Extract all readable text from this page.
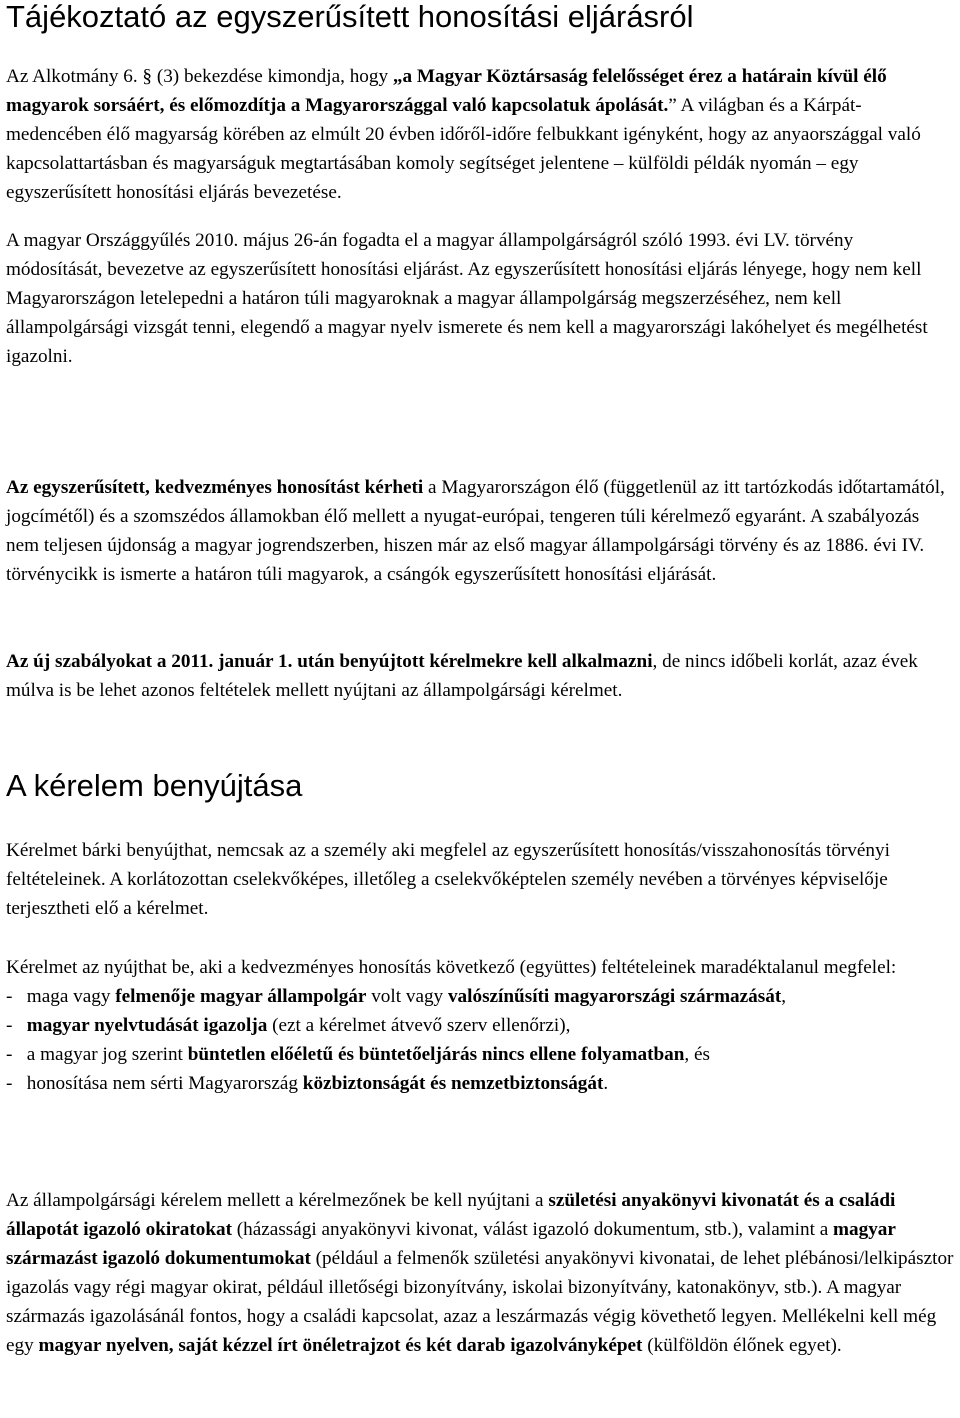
Tájékoztató az egyszerűsített honosítási eljárásról

Az Alkotmány 6. § (3) bekezdése kimondja, hogy „a Magyar Köztársaság felelősséget érez a határain kívül élő magyarok sorsáért, és előmozdítja a Magyarországgal való kapcsolatuk ápolását.” A világban és a Kárpát-medencében élő magyarság körében az elmúlt 20 évben időről-időre felbukkant igényként, hogy az anyaországgal való kapcsolattartásban és magyarságuk megtartásában komoly segítséget jelentene – külföldi példák nyomán – egy egyszerűsített honosítási eljárás bevezetése.

A magyar Országgyűlés 2010. május 26-án fogadta el a magyar állampolgárságról szóló 1993. évi LV. törvény módosítását, bevezetve az egyszerűsített honosítási eljárást. Az egyszerűsített honosítási eljárás lényege, hogy nem kell Magyarországon letelepedni a határon túli magyaroknak a magyar állampolgárság megszerzéséhez, nem kell állampolgársági vizsgát tenni, elegendő a magyar nyelv ismerete és nem kell a magyarországi lakóhelyet és megélhetést igazolni.

Az egyszerűsített, kedvezményes honosítást kérheti a Magyarországon élő (függetlenül az itt tartózkodás időtartamától, jogcímétől) és a szomszédos államokban élő mellett a nyugat-európai, tengeren túli kérelmező egyaránt. A szabályozás nem teljesen újdonság a magyar jogrendszerben, hiszen már az első magyar állampolgársági törvény és az 1886. évi IV. törvénycikk is ismerte a határon túli magyarok, a csángók egyszerűsített honosítási eljárását.

Az új szabályokat a 2011. január 1. után benyújtott kérelmekre kell alkalmazni, de nincs időbeli korlát, azaz évek múlva is be lehet azonos feltételek mellett nyújtani az állampolgársági kérelmet.

A kérelem benyújtása

Kérelmet bárki benyújthat, nemcsak az a személy aki megfelel az egyszerűsített honosítás/visszahonosítás törvényi feltételeinek. A korlátozottan cselekvőképes, illetőleg a cselekvőképtelen személy nevében a törvényes képviselője terjesztheti elő a kérelmet.

Kérelmet az nyújthat be, aki a kedvezményes honosítás következő (együttes) feltételeinek maradéktalanul megfelel:

-   maga vagy felmenője magyar állampolgár volt vagy valószínűsíti magyarországi származását,

-   magyar nyelvtudását igazolja (ezt a kérelmet átvevő szerv ellenőrzi),

-   a magyar jog szerint büntetlen előéletű és büntetőeljárás nincs ellene folyamatban, és

-   honosítása nem sérti Magyarország közbiztonságát és nemzetbiztonságát.

Az állampolgársági kérelem mellett a kérelmezőnek be kell nyújtani a születési anyakönyvi kivonatát és a családi állapotát igazoló okiratokat (házassági anyakönyvi kivonat, válást igazoló dokumentum, stb.), valamint a magyar származást igazoló dokumentumokat (például a felmenők születési anyakönyvi kivonatai, de lehet plébánosi/lelkipásztor igazolás vagy régi magyar okirat, például illetőségi bizonyítvány, iskolai bizonyítvány, katonakönyv, stb.). A magyar származás igazolásánál fontos, hogy a családi kapcsolat, azaz a leszármazás végig követhető legyen. Mellékelni kell még egy magyar nyelven, saját kézzel írt önéletrajzot és két darab igazolványképet (külföldön élőnek egyet).
